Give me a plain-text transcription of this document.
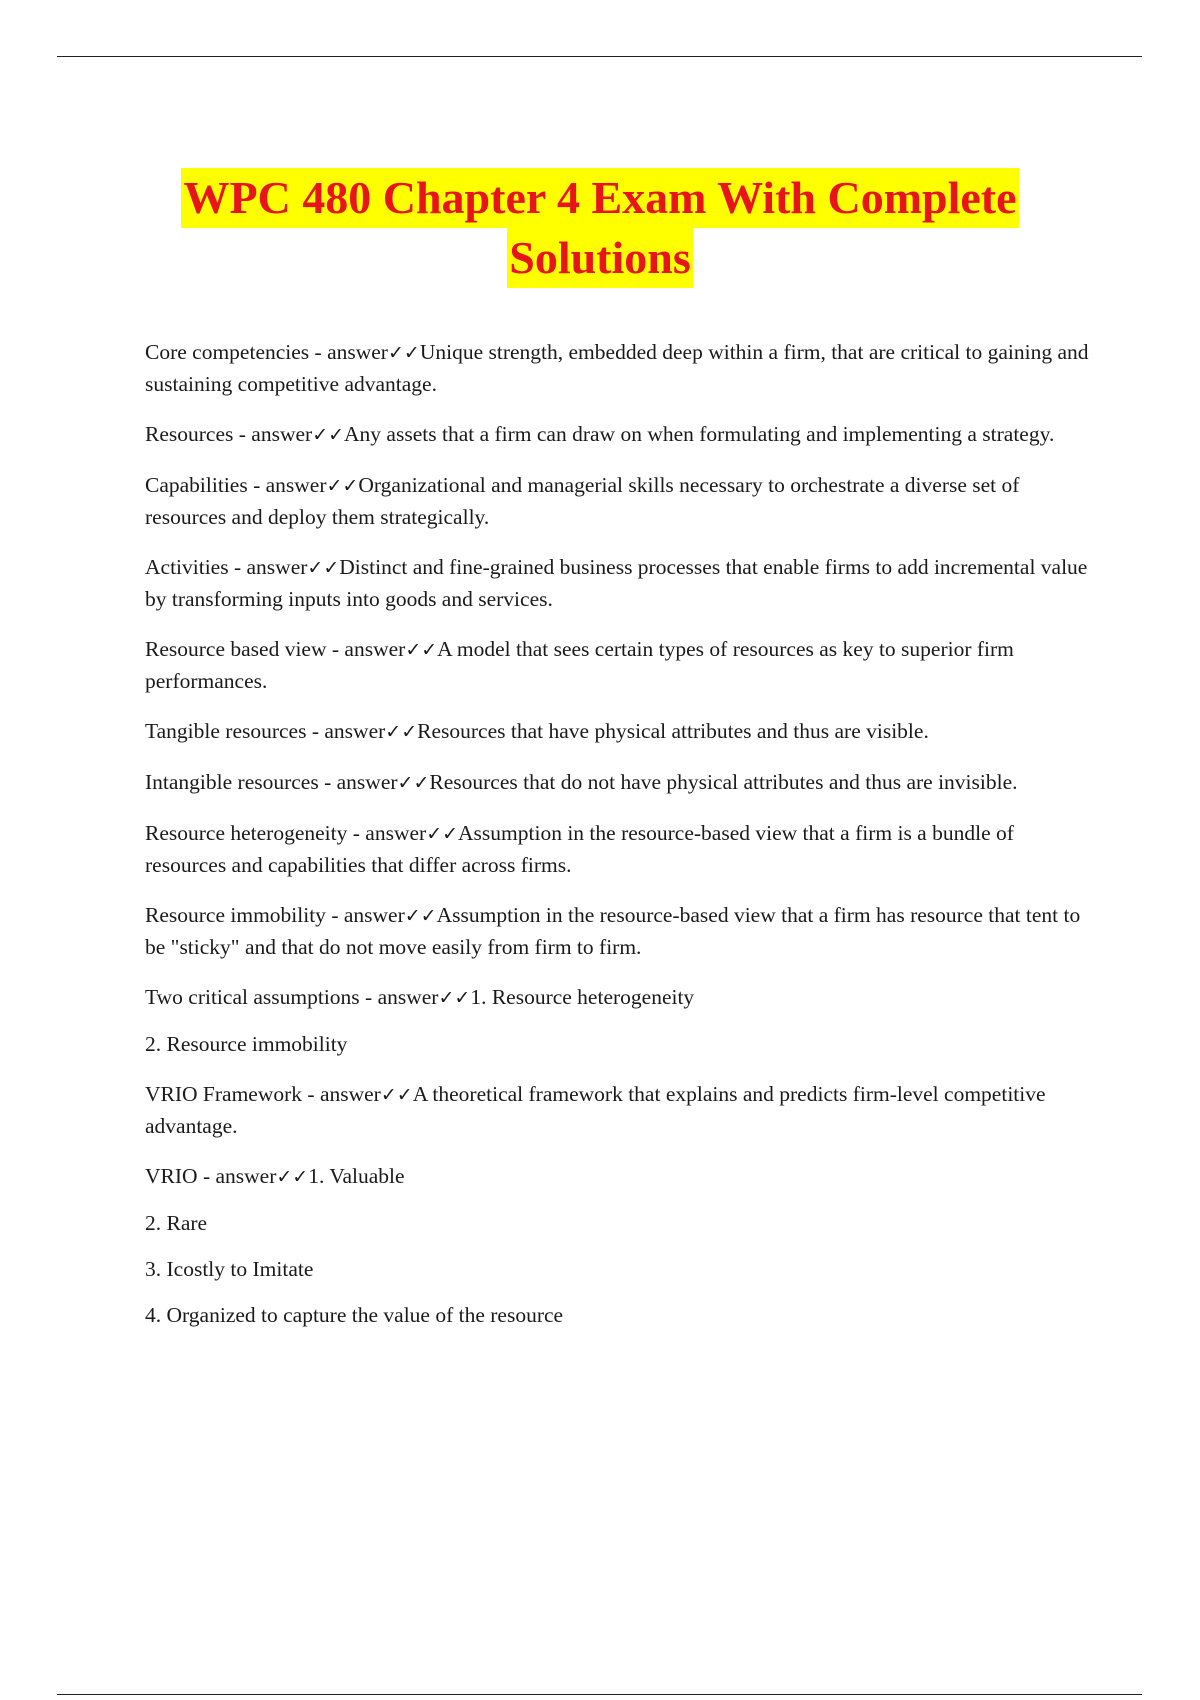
WPC 480 Chapter 4 Exam With Complete
Solutions

Core competencies - answer✓✓Unique strength, embedded deep within a firm, that are critical to gaining and sustaining competitive advantage.

Resources - answer✓✓Any assets that a firm can draw on when formulating and implementing a strategy.

Capabilities - answer✓✓Organizational and managerial skills necessary to orchestrate a diverse set of resources and deploy them strategically.

Activities - answer✓✓Distinct and fine-grained business processes that enable firms to add incremental value by transforming inputs into goods and services.

Resource based view - answer✓✓A model that sees certain types of resources as key to superior firm performances.

Tangible resources - answer✓✓Resources that have physical attributes and thus are visible.

Intangible resources - answer✓✓Resources that do not have physical attributes and thus are invisible.

Resource heterogeneity - answer✓✓Assumption in the resource-based view that a firm is a bundle of resources and capabilities that differ across firms.

Resource immobility - answer✓✓Assumption in the resource-based view that a firm has resource that tent to be "sticky" and that do not move easily from firm to firm.

Two critical assumptions - answer✓✓1. Resource heterogeneity

2. Resource immobility

VRIO Framework - answer✓✓A theoretical framework that explains and predicts firm-level competitive advantage.

VRIO - answer✓✓1. Valuable

2. Rare

3. Icostly to Imitate

4. Organized to capture the value of the resource
